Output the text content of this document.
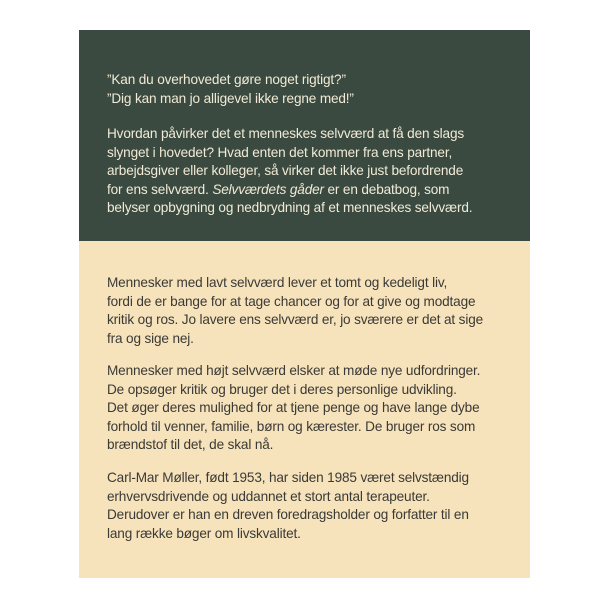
”Kan du overhovedet gøre noget rigtigt?”
”Dig kan man jo alligevel ikke regne med!”

Hvordan påvirker det et menneskes selvværd at få den slags
slynget i hovedet? Hvad enten det kommer fra ens partner,
arbejdsgiver eller kolleger, så virker det ikke just befordrende
for ens selvværd. Selvværdets gåder er en debatbog, som
belyser opbygning og nedbrydning af et menneskes selvværd.

Mennesker med lavt selvværd lever et tomt og kedeligt liv,
fordi de er bange for at tage chancer og for at give og modtage
kritik og ros. Jo lavere ens selvværd er, jo sværere er det at sige
fra og sige nej.

Mennesker med højt selvværd elsker at møde nye udfordringer.
De opsøger kritik og bruger det i deres personlige udvikling.
Det øger deres mulighed for at tjene penge og have lange dybe
forhold til venner, familie, børn og kærester. De bruger ros som
brændstof til det, de skal nå.

Carl-Mar Møller, født 1953, har siden 1985 været selvstændig
erhvervsdrivende og uddannet et stort antal terapeuter.
Derudover er han en dreven foredragsholder og forfatter til en
lang række bøger om livskvalitet.
